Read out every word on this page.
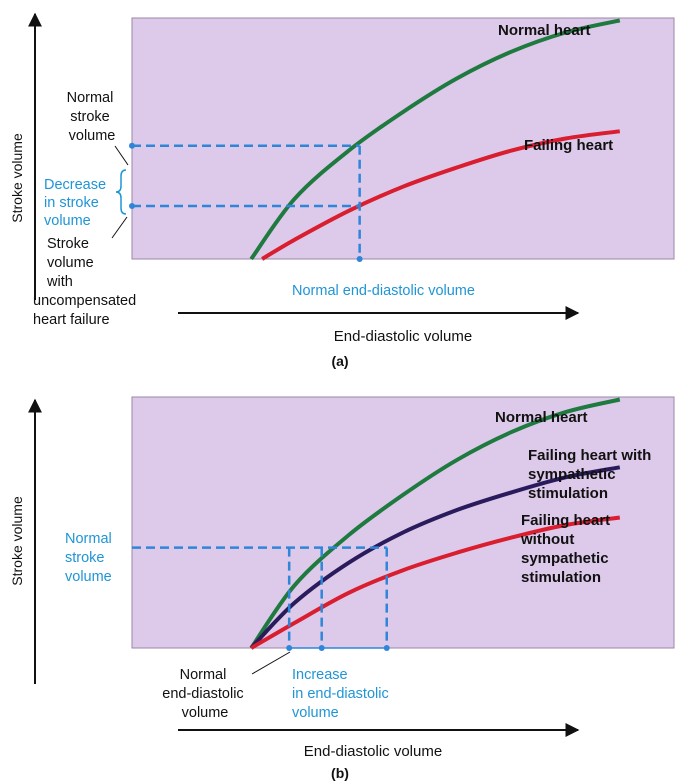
Stroke volume
End-diastolic volume
(a)
Normal heart
Failing heart
Normal stroke volume
Decrease in stroke volume
Stroke volume with uncompensated heart failure
Normal end-diastolic volume
Stroke volume
End-diastolic volume
(b)
Normal heart
Failing heart with sympathetic stimulation
Failing heart without sympathetic stimulation
Normal stroke volume
Normal end-diastolic volume
Increase in end-diastolic volume
